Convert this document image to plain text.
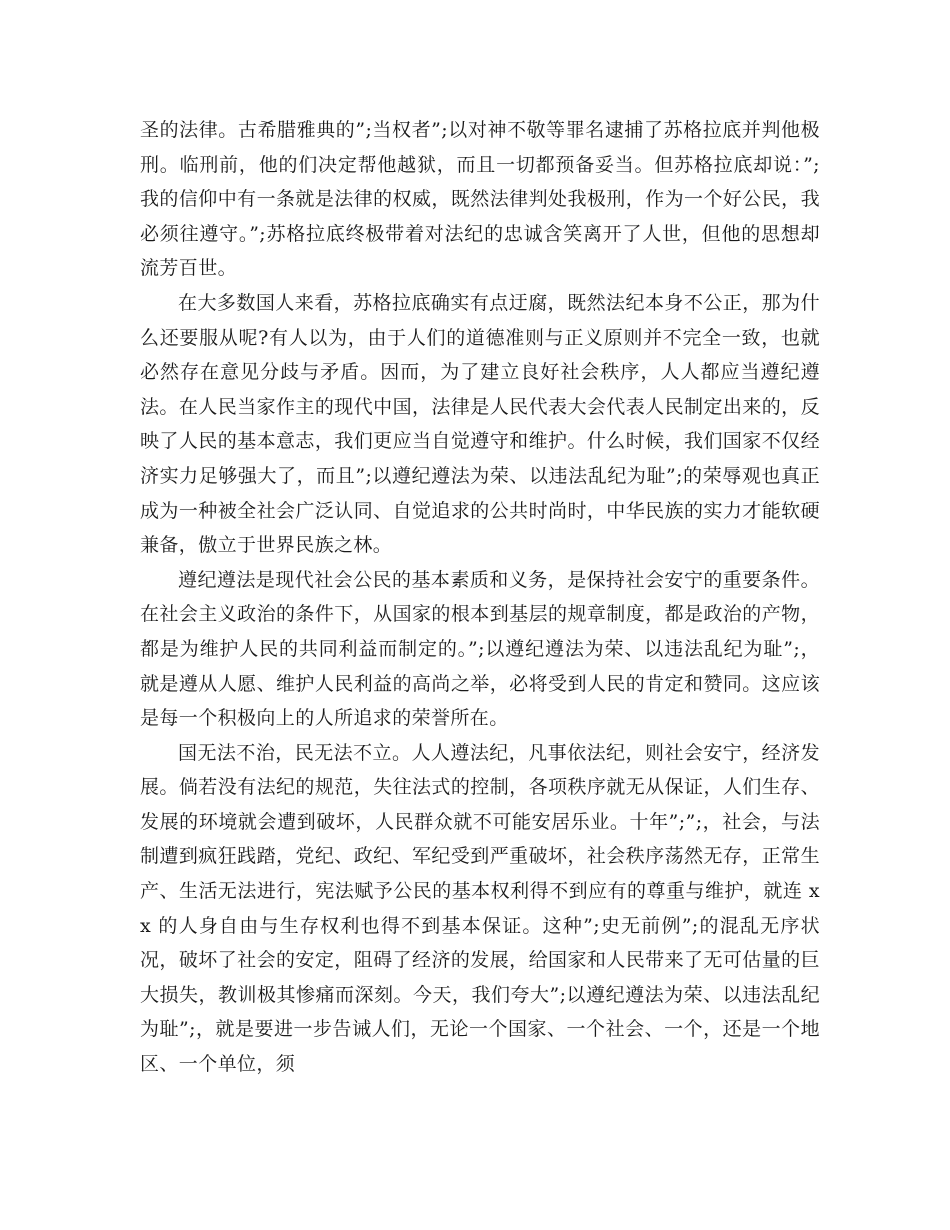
圣的法律。古希腊雅典的”;当权者”;以对神不敬等罪名逮捕了苏格拉底并判他极刑。临刑前，他的们决定帮他越狱，而且一切都预备妥当。但苏格拉底却说：”;我的信仰中有一条就是法律的权威，既然法律判处我极刑，作为一个好公民，我必须往遵守。”;苏格拉底终极带着对法纪的忠诚含笑离开了人世，但他的思想却流芳百世。

在大多数国人来看，苏格拉底确实有点迂腐，既然法纪本身不公正，那为什么还要服从呢?有人以为，由于人们的道德准则与正义原则并不完全一致，也就必然存在意见分歧与矛盾。因而，为了建立良好社会秩序，人人都应当遵纪遵法。在人民当家作主的现代中国，法律是人民代表大会代表人民制定出来的，反映了人民的基本意志，我们更应当自觉遵守和维护。什么时候，我们国家不仅经济实力足够强大了，而且”;以遵纪遵法为荣、以违法乱纪为耻”;的荣辱观也真正成为一种被全社会广泛认同、自觉追求的公共时尚时，中华民族的实力才能软硬兼备，傲立于世界民族之林。

遵纪遵法是现代社会公民的基本素质和义务，是保持社会安宁的重要条件。在社会主义政治的条件下，从国家的根本到基层的规章制度，都是政治的产物，都是为维护人民的共同利益而制定的。”;以遵纪遵法为荣、以违法乱纪为耻”;，就是遵从人愿、维护人民利益的高尚之举，必将受到人民的肯定和赞同。这应该是每一个积极向上的人所追求的荣誉所在。

国无法不治，民无法不立。人人遵法纪，凡事依法纪，则社会安宁，经济发展。倘若没有法纪的规范，失往法式的控制，各项秩序就无从保证，人们生存、发展的环境就会遭到破坏，人民群众就不可能安居乐业。十年”;”;，社会，与法制遭到疯狂践踏，党纪、政纪、军纪受到严重破坏，社会秩序荡然无存，正常生产、生活无法进行，宪法赋予公民的基本权利得不到应有的尊重与维护，就连 xx 的人身自由与生存权利也得不到基本保证。这种”;史无前例”;的混乱无序状况，破坏了社会的安定，阻碍了经济的发展，给国家和人民带来了无可估量的巨大损失，教训极其惨痛而深刻。今天，我们夸大”;以遵纪遵法为荣、以违法乱纪为耻”;，就是要进一步告诫人们，无论一个国家、一个社会、一个，还是一个地区、一个单位，须
